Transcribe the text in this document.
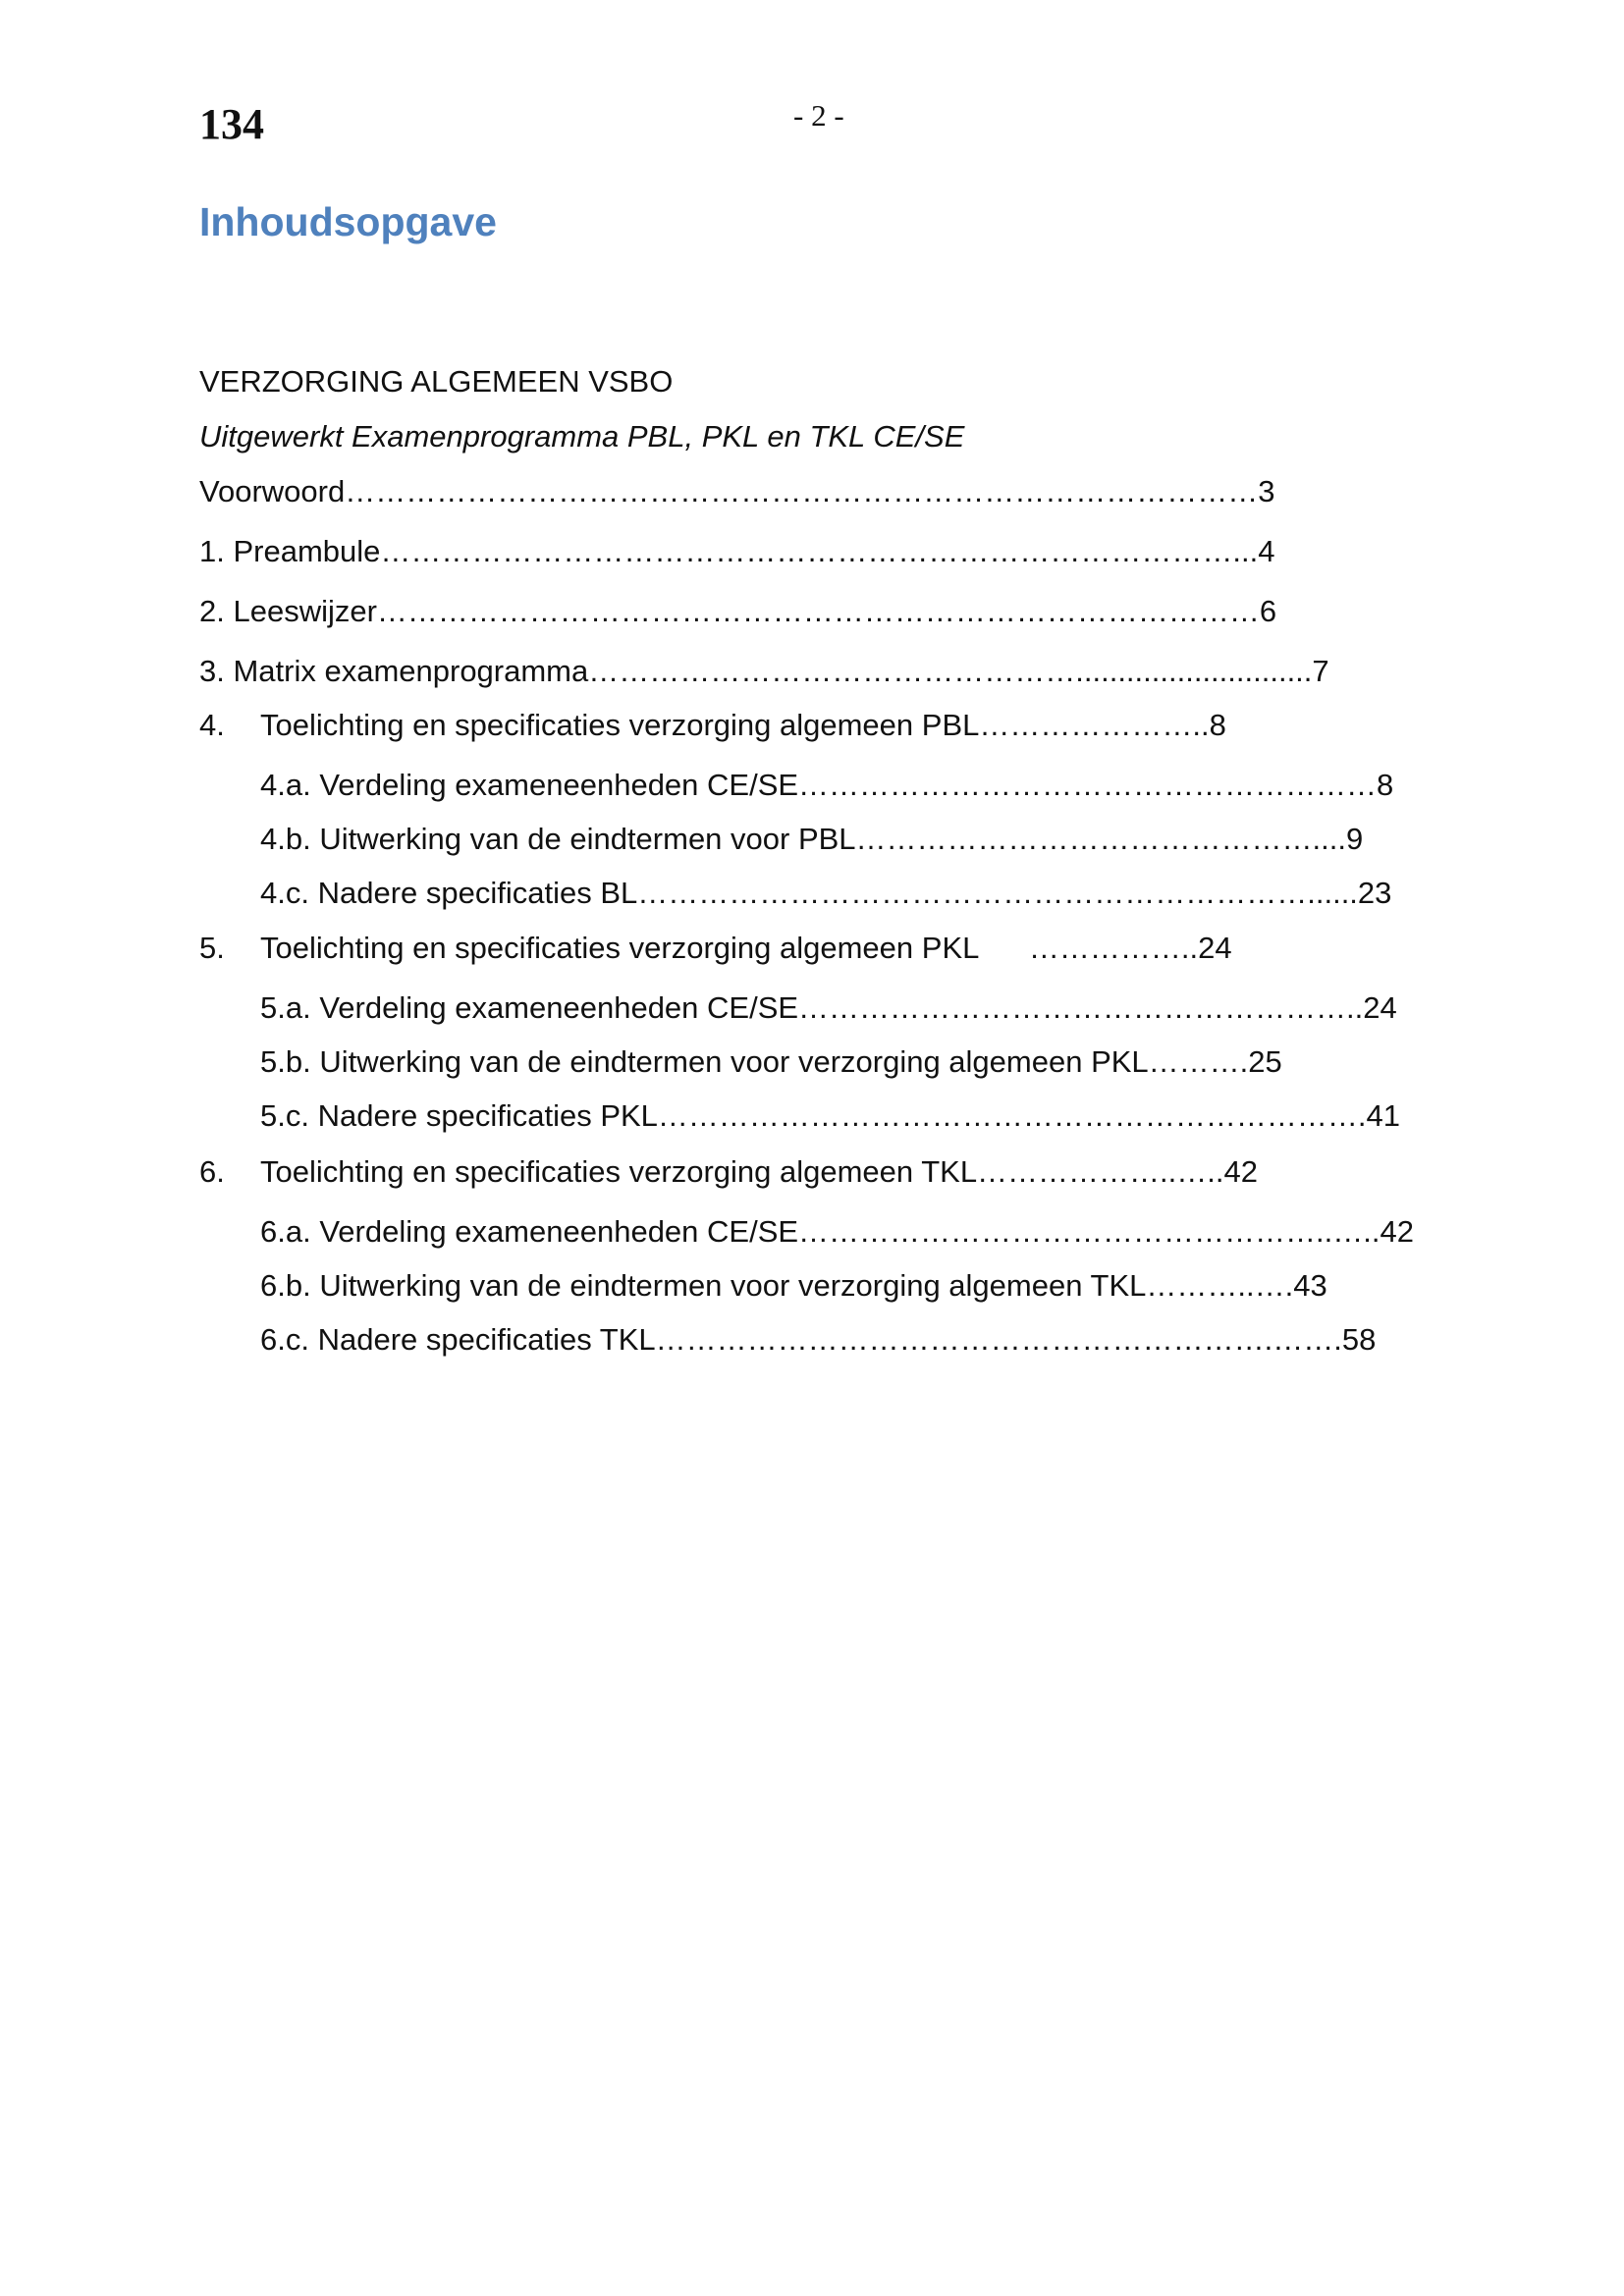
134	- 2 -
Inhoudsopgave
VERZORGING ALGEMEEN VSBO
Uitgewerkt Examenprogramma PBL, PKL en TKL CE/SE
Voorwoord………………………………………………………………………………3
1. Preambule…………………………………………………………………………...4
2. Leeswijzer……………………………………………………………………………6
3. Matrix examenprogramma…………………………………………............................7
4. Toelichting en specificaties verzorging algemeen PBL…………………..8
4.a. Verdeling exameneenheden CE/SE…………………………………………………8
4.b. Uitwerking van de eindtermen voor PBL………………………………………....9
4.c. Nadere specificaties BL…………………………………………………………......23
5. Toelichting en specificaties verzorging algemeen PKL      ……………..24
5.a. Verdeling exameneenheden CE/SE………………………………………………..24
5.b. Uitwerking van de eindtermen voor verzorging algemeen PKL……….25
5.c. Nadere specificaties PKL…………………………………………………………….41
6. Toelichting en specificaties verzorging algemeen TKL………………..…..42
6.a. Verdeling exameneenheden CE/SE……………………………………………..…..42
6.b. Uitwerking van de eindtermen voor verzorging algemeen TKL………..….43
6.c. Nadere specificaties TKL…………………………………………………….…….58
